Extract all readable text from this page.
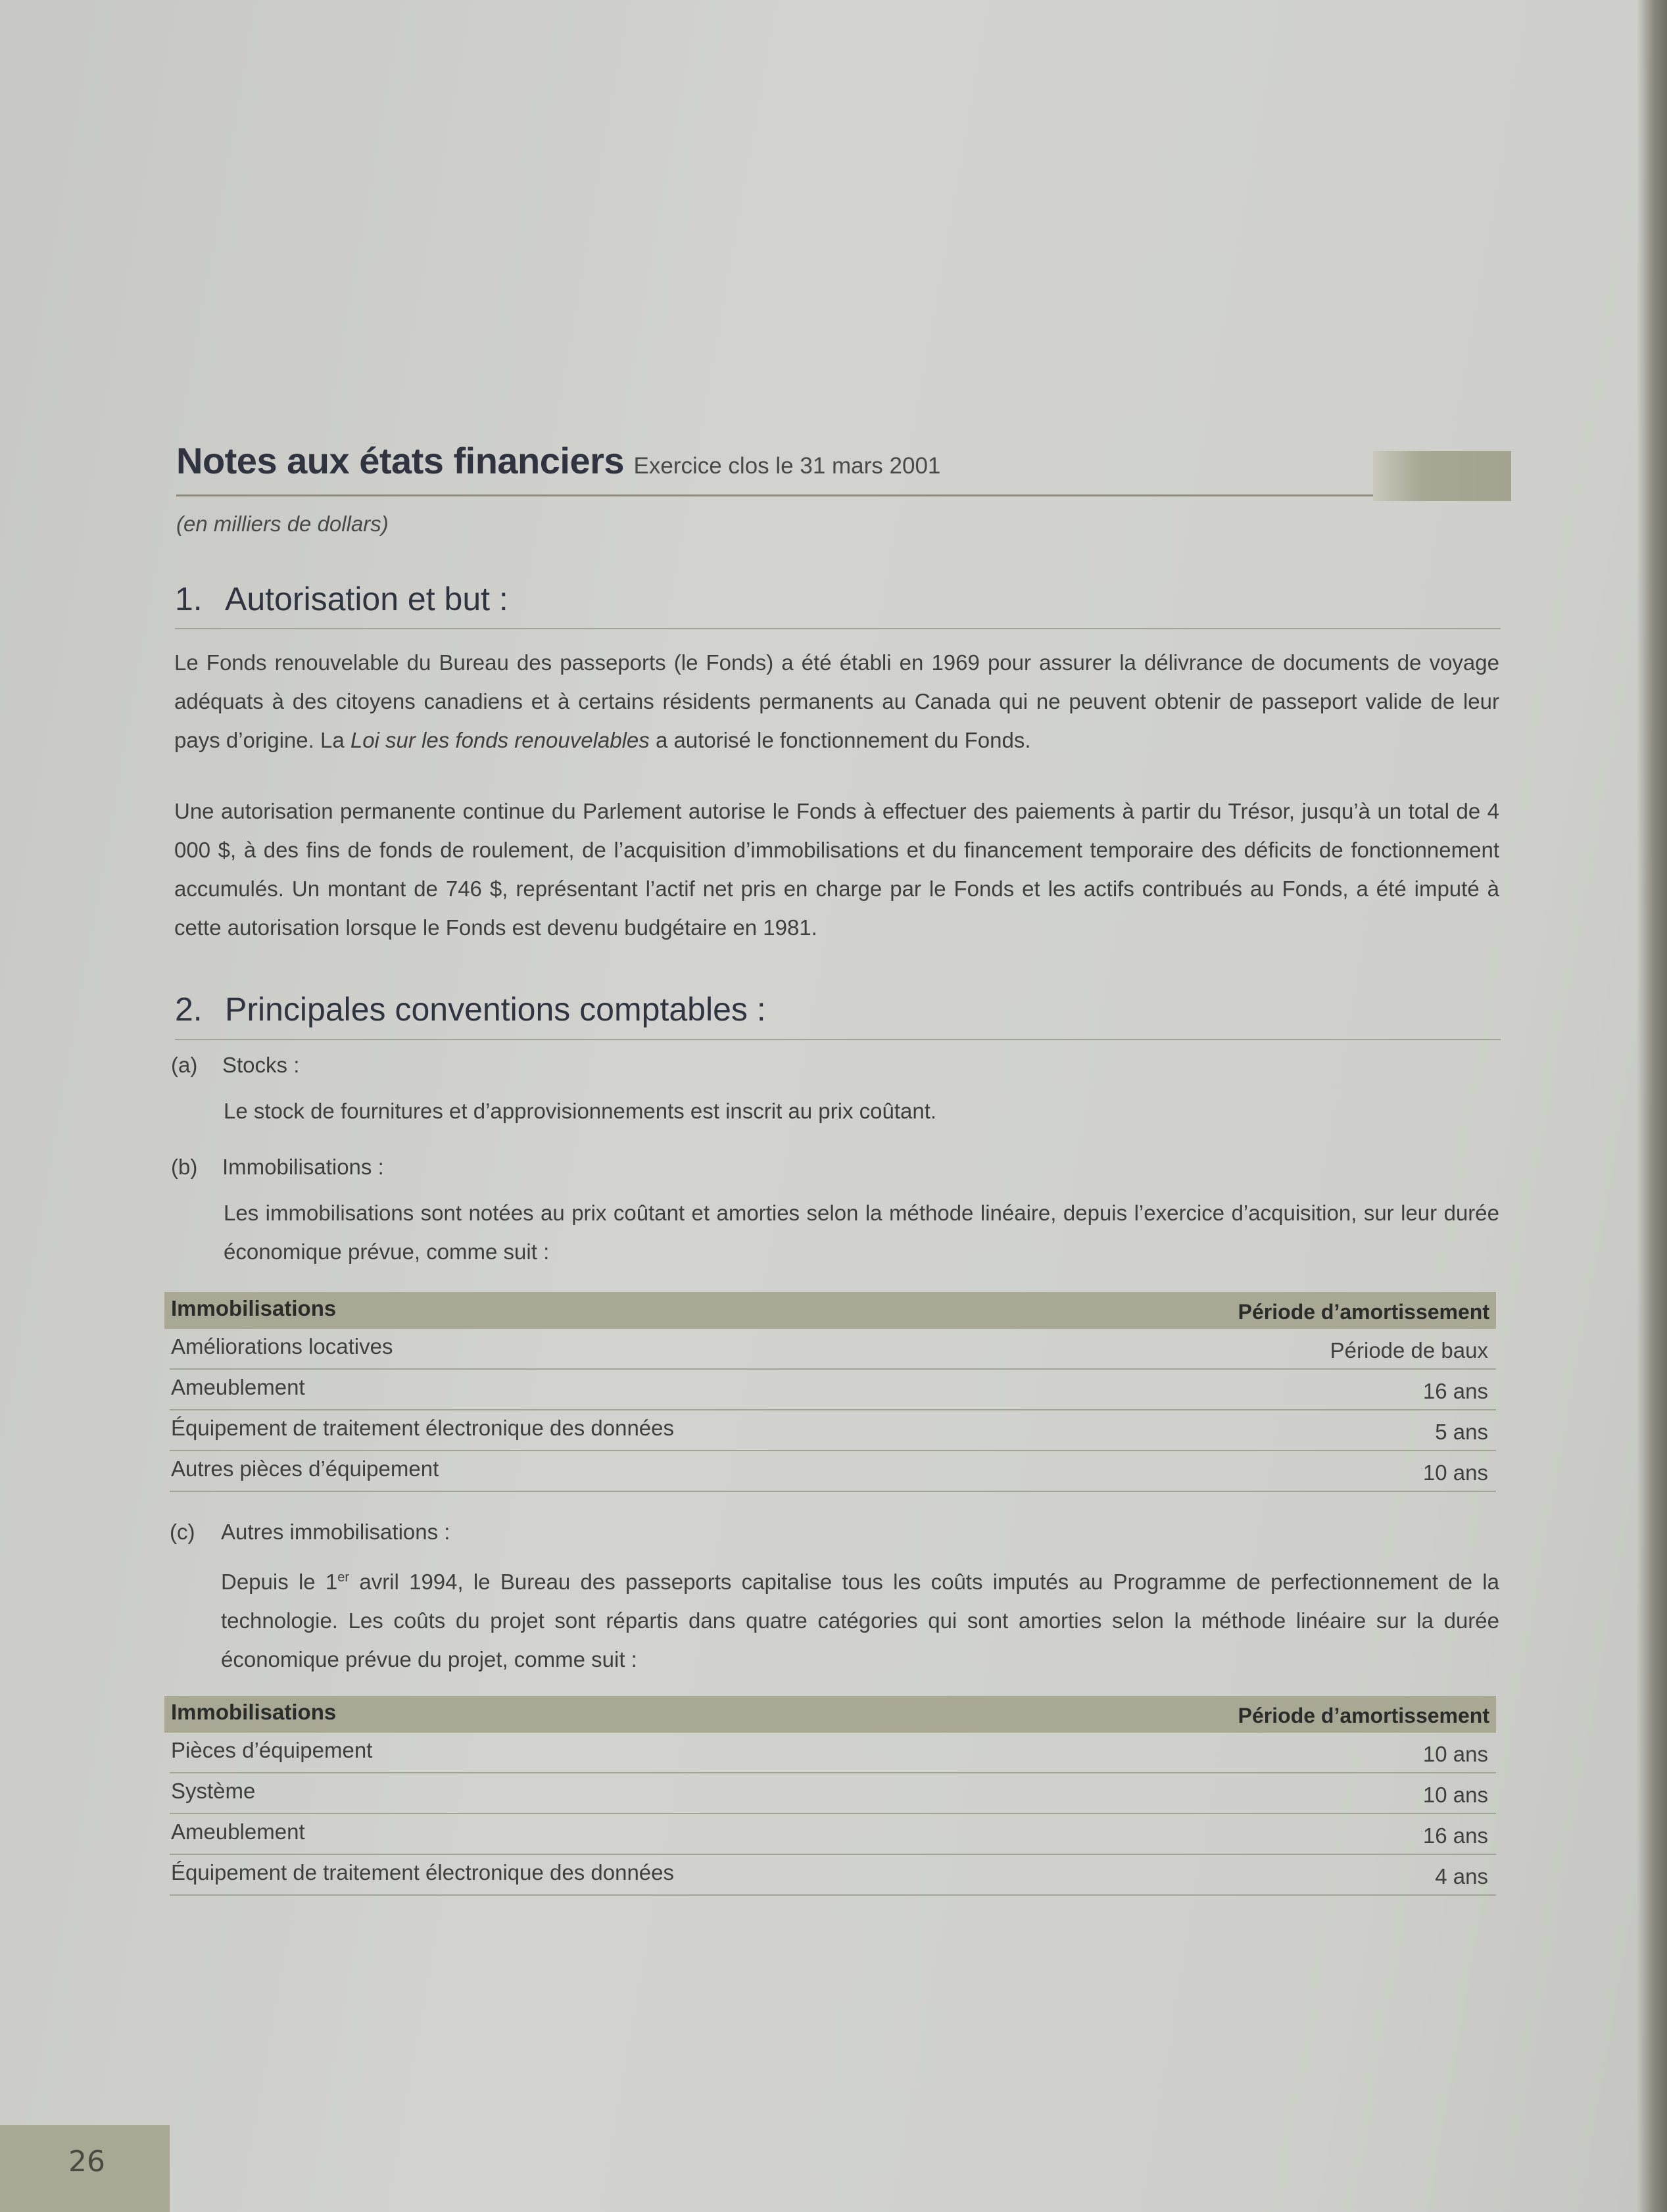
Notes aux états financiers Exercice clos le 31 mars 2001
(en milliers de dollars)
1. Autorisation et but :
Le Fonds renouvelable du Bureau des passeports (le Fonds) a été établi en 1969 pour assurer la délivrance de documents de voyage adéquats à des citoyens canadiens et à certains résidents permanents au Canada qui ne peuvent obtenir de passeport valide de leur pays d’origine. La Loi sur les fonds renouvelables a autorisé le fonctionnement du Fonds.
Une autorisation permanente continue du Parlement autorise le Fonds à effectuer des paiements à partir du Trésor, jusqu’à un total de 4 000 $, à des fins de fonds de roulement, de l’acquisition d’immobilisations et du financement temporaire des déficits de fonctionnement accumulés. Un montant de 746 $, représentant l’actif net pris en charge par le Fonds et les actifs contribués au Fonds, a été imputé à cette autorisation lorsque le Fonds est devenu budgétaire en 1981.
2. Principales conventions comptables :
(a) Stocks :
Le stock de fournitures et d’approvisionnements est inscrit au prix coûtant.
(b) Immobilisations :
Les immobilisations sont notées au prix coûtant et amorties selon la méthode linéaire, depuis l’exercice d’acquisition, sur leur durée économique prévue, comme suit :
Immobilisations	Période d’amortissement
Améliorations locatives	Période de baux
Ameublement	16 ans
Équipement de traitement électronique des données	5 ans
Autres pièces d’équipement	10 ans
(c) Autres immobilisations :
Depuis le 1er avril 1994, le Bureau des passeports capitalise tous les coûts imputés au Programme de perfectionnement de la technologie. Les coûts du projet sont répartis dans quatre catégories qui sont amorties selon la méthode linéaire sur la durée économique prévue du projet, comme suit :
Immobilisations	Période d’amortissement
Pièces d’équipement	10 ans
Système	10 ans
Ameublement	16 ans
Équipement de traitement électronique des données	4 ans
26
